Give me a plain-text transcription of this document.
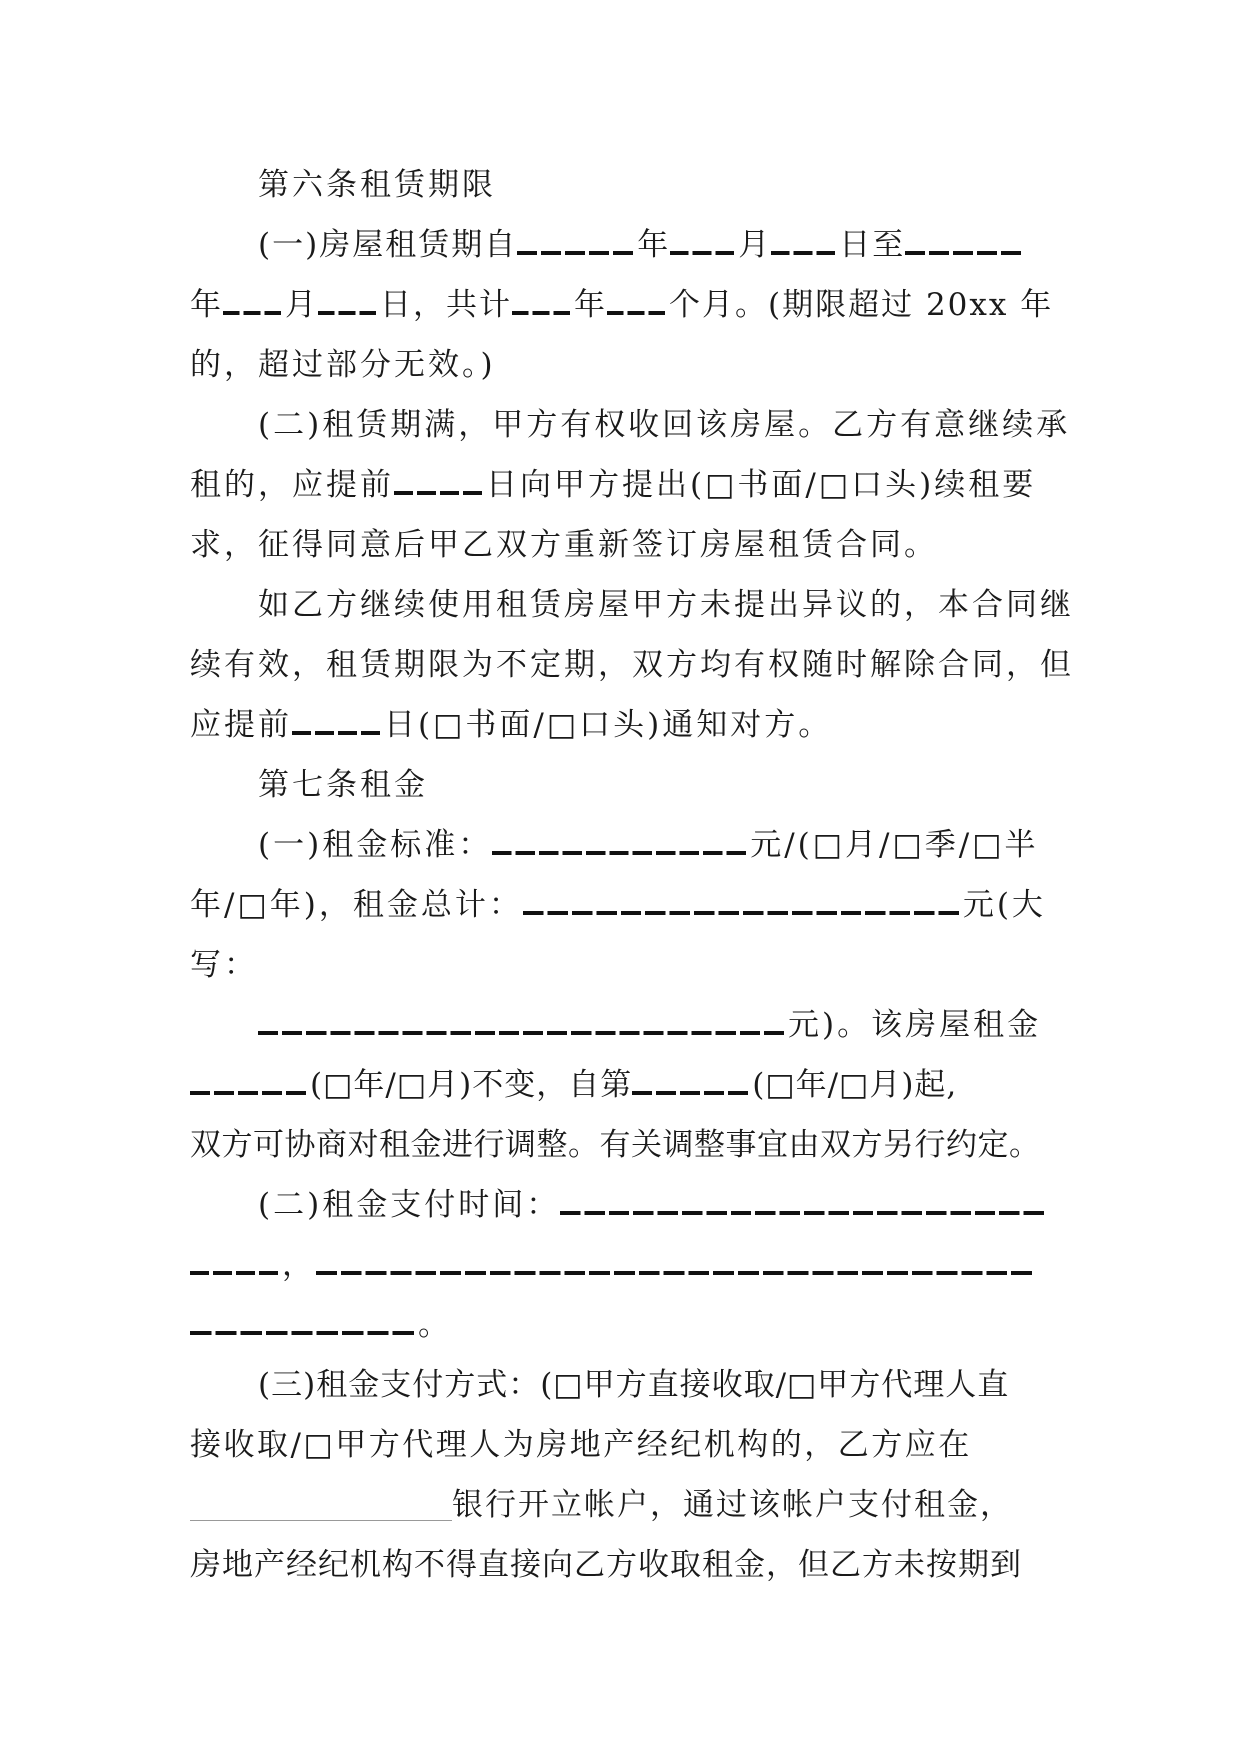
第六条租赁期限
(一)房屋租赁期自	年 月 日至
年 月 日，共计 年 个月。(期限超过 20xx 年
的，超过部分无效。)
(二)租赁期满，甲方有权收回该房屋。乙方有意继续承
租的，应提前	日向甲方提出(□书面/□口头)续租要
求，征得同意后甲乙双方重新签订房屋租赁合同。
如乙方继续使用租赁房屋甲方未提出异议的，本合同继
续有效，租赁期限为不定期，双方均有权随时解除合同，但
应提前	日(□书面/□口头)通知对方。
第七条租金
(一)租金标准：	元/(□月/□季/□半
年/□年)，租金总计：	元(大
写：
元)。该房屋租金
(□年/□月)不变，自第	(□年/□月)起,
双方可协商对租金进行调整。有关调整事宜由双方另行约定。
(二)租金支付时间：
，
。
(三)租金支付方式：(□甲方直接收取/□甲方代理人直
接收取/□甲方代理人为房地产经纪机构的，乙方应在
银行开立帐户，通过该帐户支付租金，
房地产经纪机构不得直接向乙方收取租金，但乙方未按期到
